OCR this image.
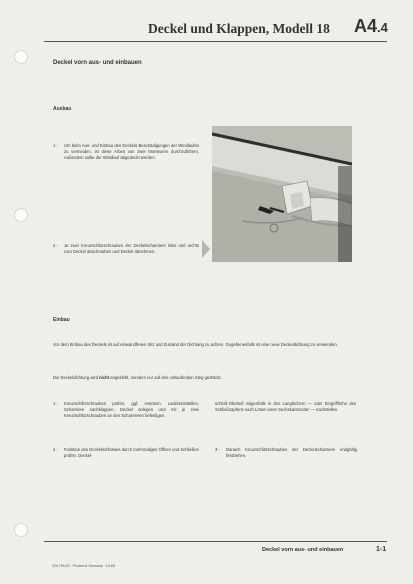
Deckel und Klappen, Modell 18 A4.4
Deckel vorn aus- und einbauen
Ausbau
1 - Um beim Aus- und Einbau des Deckels Beschädigungen der Windlaufes zu vermeiden, ist diese Arbeit von zwei Monteuren durchzuführen. Außerdem sollte der Windlauf abgedeckt werden.
2 - Je zwei Kreuzschlitzschrauben der Deckelscharniere links und rechts vom Deckel abschrauben und Deckel abnehmen.
Einbau
Vor dem Einbau des Deckels ist auf einwandfreien Sitz und Zustand der Dichtung zu achten. Gegebenenfalls ist eine neue Deckeldichtung zu verwenden.
Die Deckeldichtung wird nicht angeklebt, sondern nur auf den umlaufenden Steg gedrückt.
1 - Kreuzschlitzschrauben prüfen, ggf. ersetzen. Lackkratzstellen, Scharniere nachklappen, Deckel anlegen und mit je zwei Kreuzschlitzschrauben an den Scharnieren befestigen.
2 - Funktion des Deckelschlosses durch mehrmaliges Öffnen und Schließen prüfen. Deckel-
schloß-Oberteil mitgenfalls in den Langlöchern — oder Eingriffhöhe des Schließzapfens nach Lösen einer Sechskantmutter — nachstellen.
3 - Danach Kreuzschlitzschrauben der Deckelscharniere endgültig festziehen.
Deckel vorn aus- und einbauen	1-1
209.755.00 · Printed in Germany · 10.68
